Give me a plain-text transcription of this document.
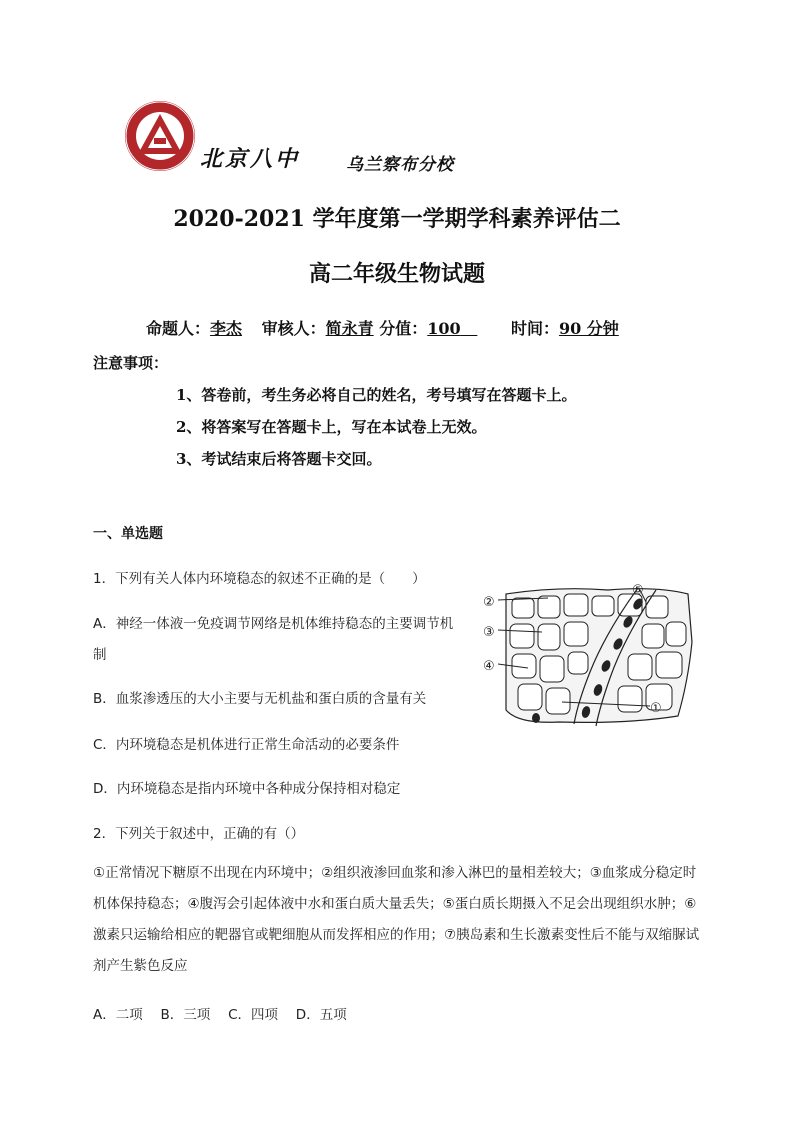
北京八中	乌兰察布分校
2020-2021 学年度第一学期学科素养评估二
高二年级生物试题
命题人：李杰 审核人：简永青 分值：100	时间：90 分钟
注意事项：
1、答卷前，考生务必将自己的姓名，考号填写在答题卡上。
2、将答案写在答题卡上，写在本试卷上无效。
3、考试结束后将答题卡交回。
一、单选题
1．下列有关人体内环境稳态的叙述不正确的是（　　）
A．神经一体液一免疫调节网络是机体维持稳态的主要调节机
制
B．血浆渗透压的大小主要与无机盐和蛋白质的含量有关
C．内环境稳态是机体进行正常生命活动的必要条件
D．内环境稳态是指内环境中各种成分保持相对稳定
②
③
④
⑤
①
2．下列关于叙述中，正确的有（）
①正常情况下糖原不出现在内环境中；②组织液渗回血浆和渗入淋巴的量相差较大；③血浆成分稳定时机体保持稳态；④腹泻会引起体液中水和蛋白质大量丢失；⑤蛋白质长期摄入不足会出现组织水肿；⑥激素只运输给相应的靶器官或靶细胞从而发挥相应的作用；⑦胰岛素和生长激素变性后不能与双缩脲试剂产生紫色反应
A．二项　 B．三项　 C．四项　 D．五项
